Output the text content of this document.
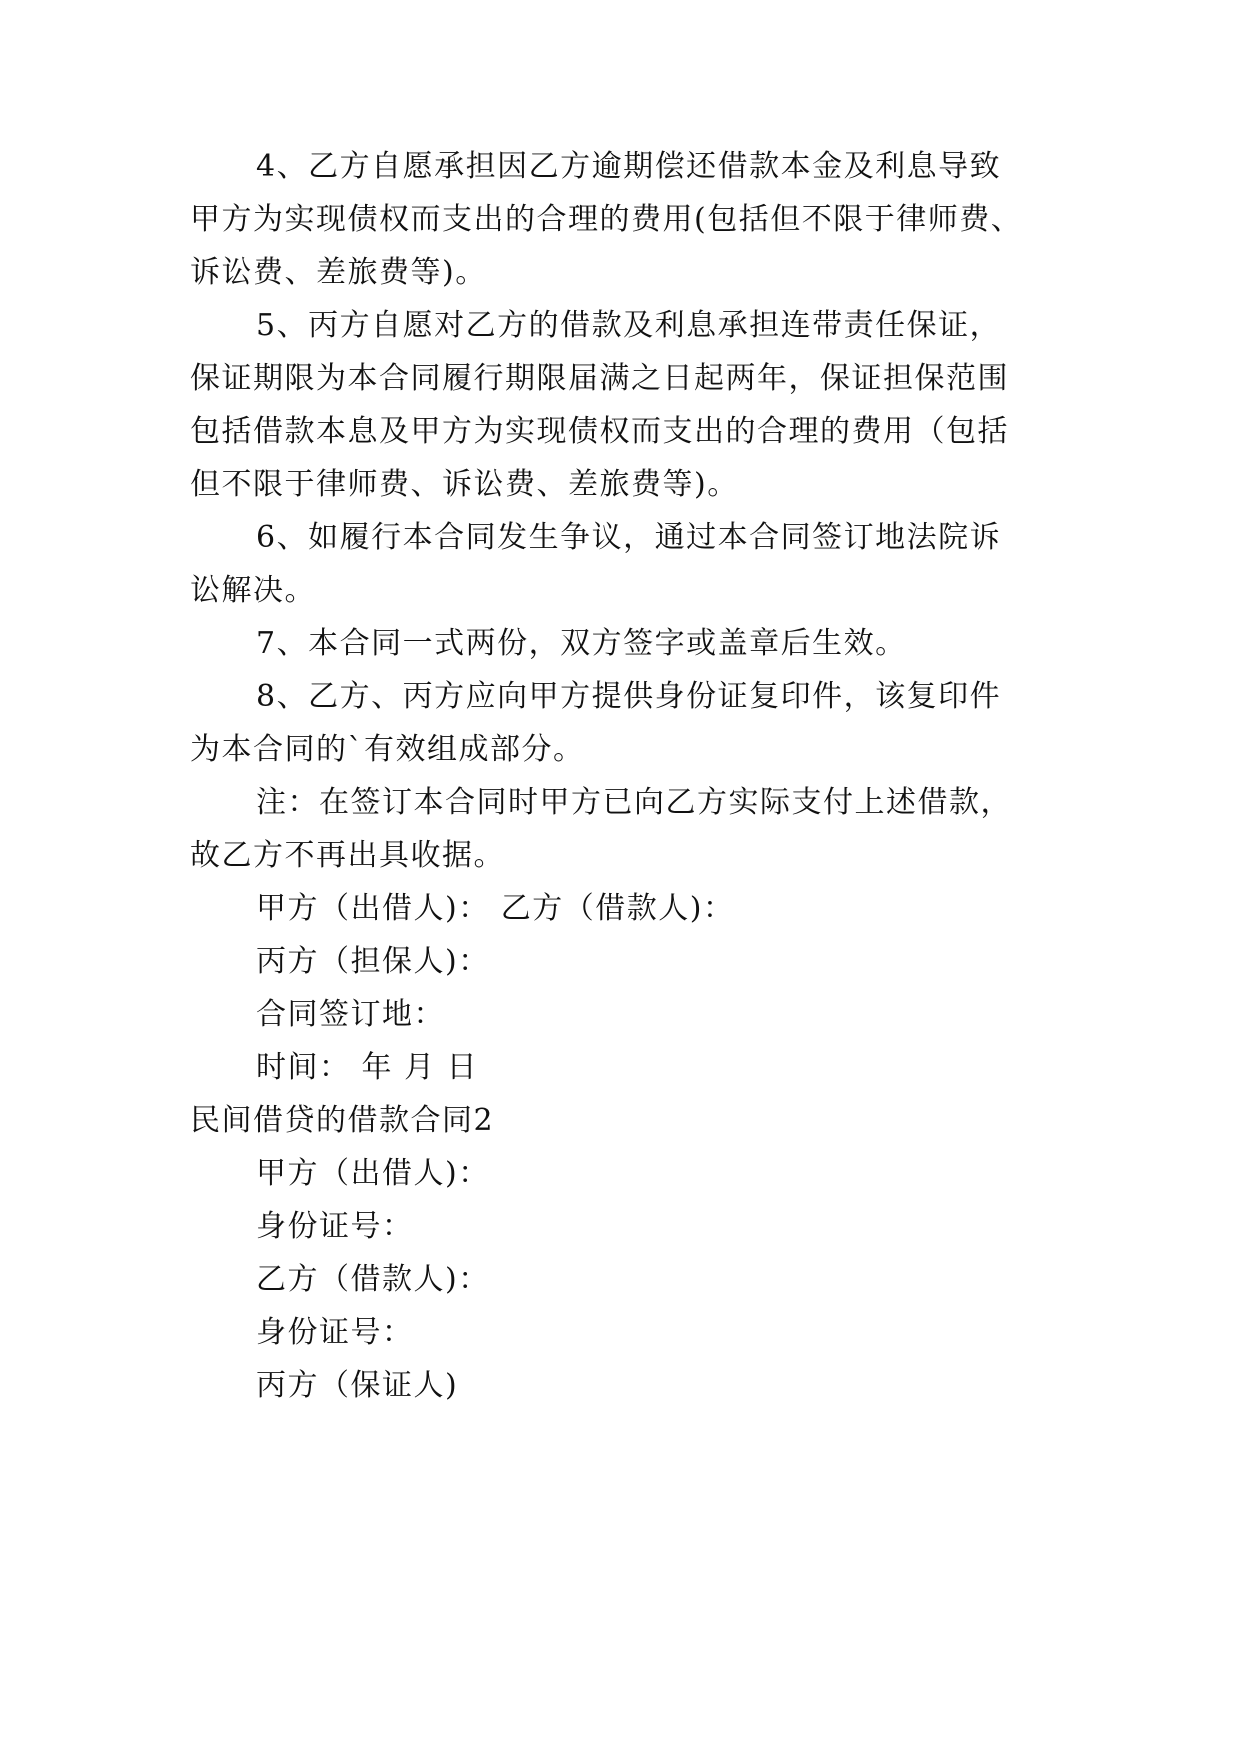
4、乙方自愿承担因乙方逾期偿还借款本金及利息导致
甲方为实现债权而支出的合理的费用(包括但不限于律师费、
诉讼费、差旅费等)。
5、丙方自愿对乙方的借款及利息承担连带责任保证，
保证期限为本合同履行期限届满之日起两年，保证担保范围
包括借款本息及甲方为实现债权而支出的合理的费用（包括
但不限于律师费、诉讼费、差旅费等)。
6、如履行本合同发生争议，通过本合同签订地法院诉
讼解决。
7、本合同一式两份，双方签字或盖章后生效。
8、乙方、丙方应向甲方提供身份证复印件，该复印件
为本合同的`有效组成部分。
注：在签订本合同时甲方已向乙方实际支付上述借款，
故乙方不再出具收据。
甲方（出借人)： 乙方（借款人)：
丙方（担保人)：
合同签订地：
时间： 年 月 日
民间借贷的借款合同2
甲方（出借人)：
身份证号：
乙方（借款人)：
身份证号：
丙方（保证人)
